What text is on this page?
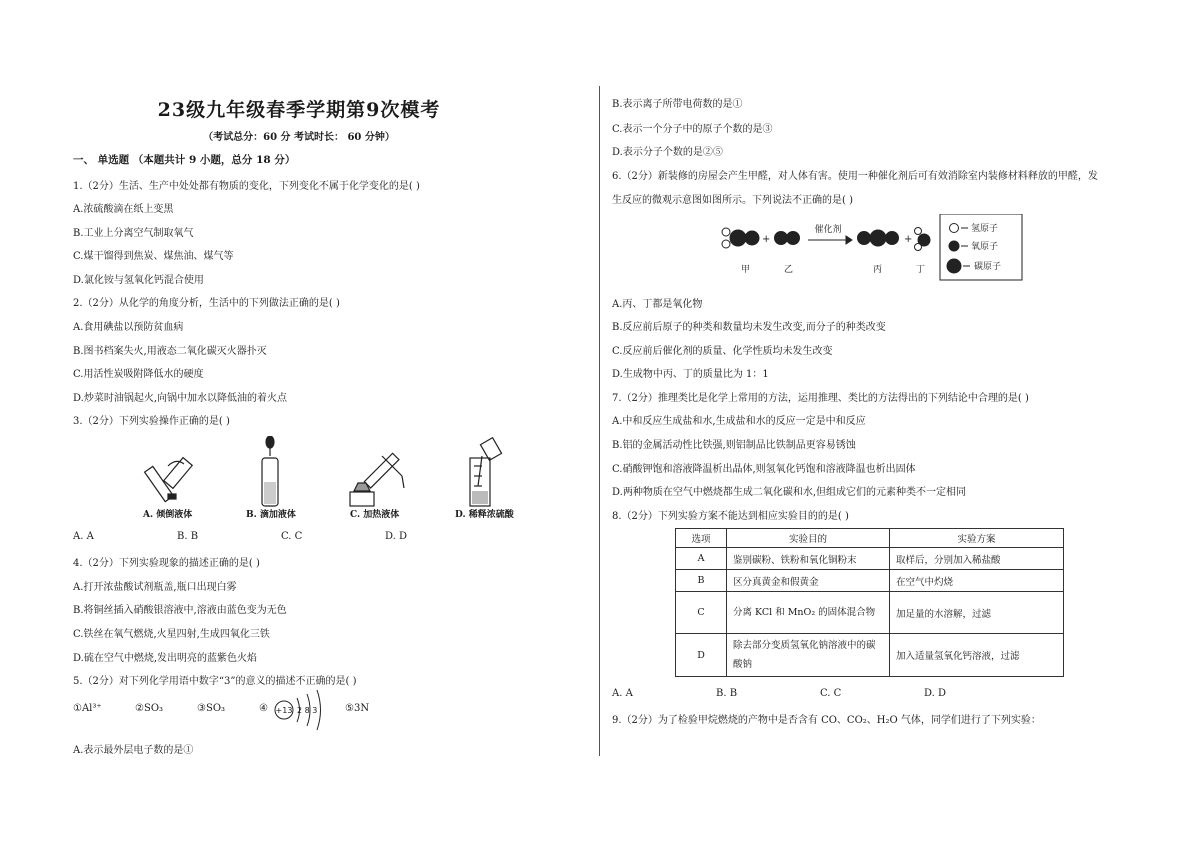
23级九年级春季学期第9次模考
（考试总分：60 分 考试时长： 60 分钟）
一、 单选题 （本题共计 9 小题，总分 18 分）
1.（2分）生活、生产中处处都有物质的变化，下列变化不属于化学变化的是( )
A.浓硫酸滴在纸上变黑
B.工业上分离空气制取氧气
C.煤干馏得到焦炭、煤焦油、煤气等
D.氯化铵与氢氧化钙混合使用
2.（2分）从化学的角度分析，生活中的下列做法正确的是( )
A.食用碘盐以预防贫血病
B.图书档案失火,用液态二氧化碳灭火器扑灭
C.用活性炭吸附降低水的硬度
D.炒菜时油锅起火,向锅中加水以降低油的着火点
3.（2分）下列实验操作正确的是( )
A. 倾倒液体	B. 滴加液体	C. 加热液体	D. 稀释浓硫酸
A. A	B. B	C. C	D. D
4.（2分）下列实验现象的描述正确的是( )
A.打开浓盐酸试剂瓶盖,瓶口出现白雾
B.将铜丝插入硝酸银溶液中,溶液由蓝色变为无色
C.铁丝在氧气燃烧,火星四射,生成四氧化三铁
D.硫在空气中燃烧,发出明亮的蓝紫色火焰
5.（2分）对下列化学用语中数字“3”的意义的描述不正确的是( )
①Al³⁺	②SO₃	③SO₃	④	⑤3N
+13 2 8 3
A.表示最外层电子数的是①
B.表示离子所带电荷数的是①
C.表示一个分子中的原子个数的是③
D.表示分子个数的是②⑤
6.（2分）新装修的房屋会产生甲醛，对人体有害。使用一种催化剂后可有效消除室内装修材料释放的甲醛，发
生反应的微观示意图如图所示。下列说法不正确的是( )
+
催化剂
+
甲	乙	丙	丁
氢原子
氧原子
碳原子
A.丙、丁都是氧化物
B.反应前后原子的种类和数量均未发生改变,而分子的种类改变
C.反应前后催化剂的质量、化学性质均未发生改变
D.生成物中丙、丁的质量比为 1：1
7.（2分）推理类比是化学上常用的方法，运用推理、类比的方法得出的下列结论中合理的是( )
A.中和反应生成盐和水,生成盐和水的反应一定是中和反应
B.铝的金属活动性比铁强,则铝制品比铁制品更容易锈蚀
C.硝酸钾饱和溶液降温析出晶体,则氢氧化钙饱和溶液降温也析出固体
D.两种物质在空气中燃烧都生成二氧化碳和水,但组成它们的元素种类不一定相同
8.（2分）下列实验方案不能达到相应实验目的的是( )
选项	实验目的	实验方案
A	鉴别碳粉、铁粉和氧化铜粉末	取样后，分别加入稀盐酸
B	区分真黄金和假黄金	在空气中灼烧
C	分离 KCl 和 MnO₂ 的固体混合物	加足量的水溶解，过滤
D	除去部分变质氢氧化钠溶液中的碳酸钠	加入适量氢氧化钙溶液，过滤
A. A	B. B	C. C	D. D
9.（2分）为了检验甲烷燃烧的产物中是否含有 CO、CO₂、H₂O 气体，同学们进行了下列实验：
